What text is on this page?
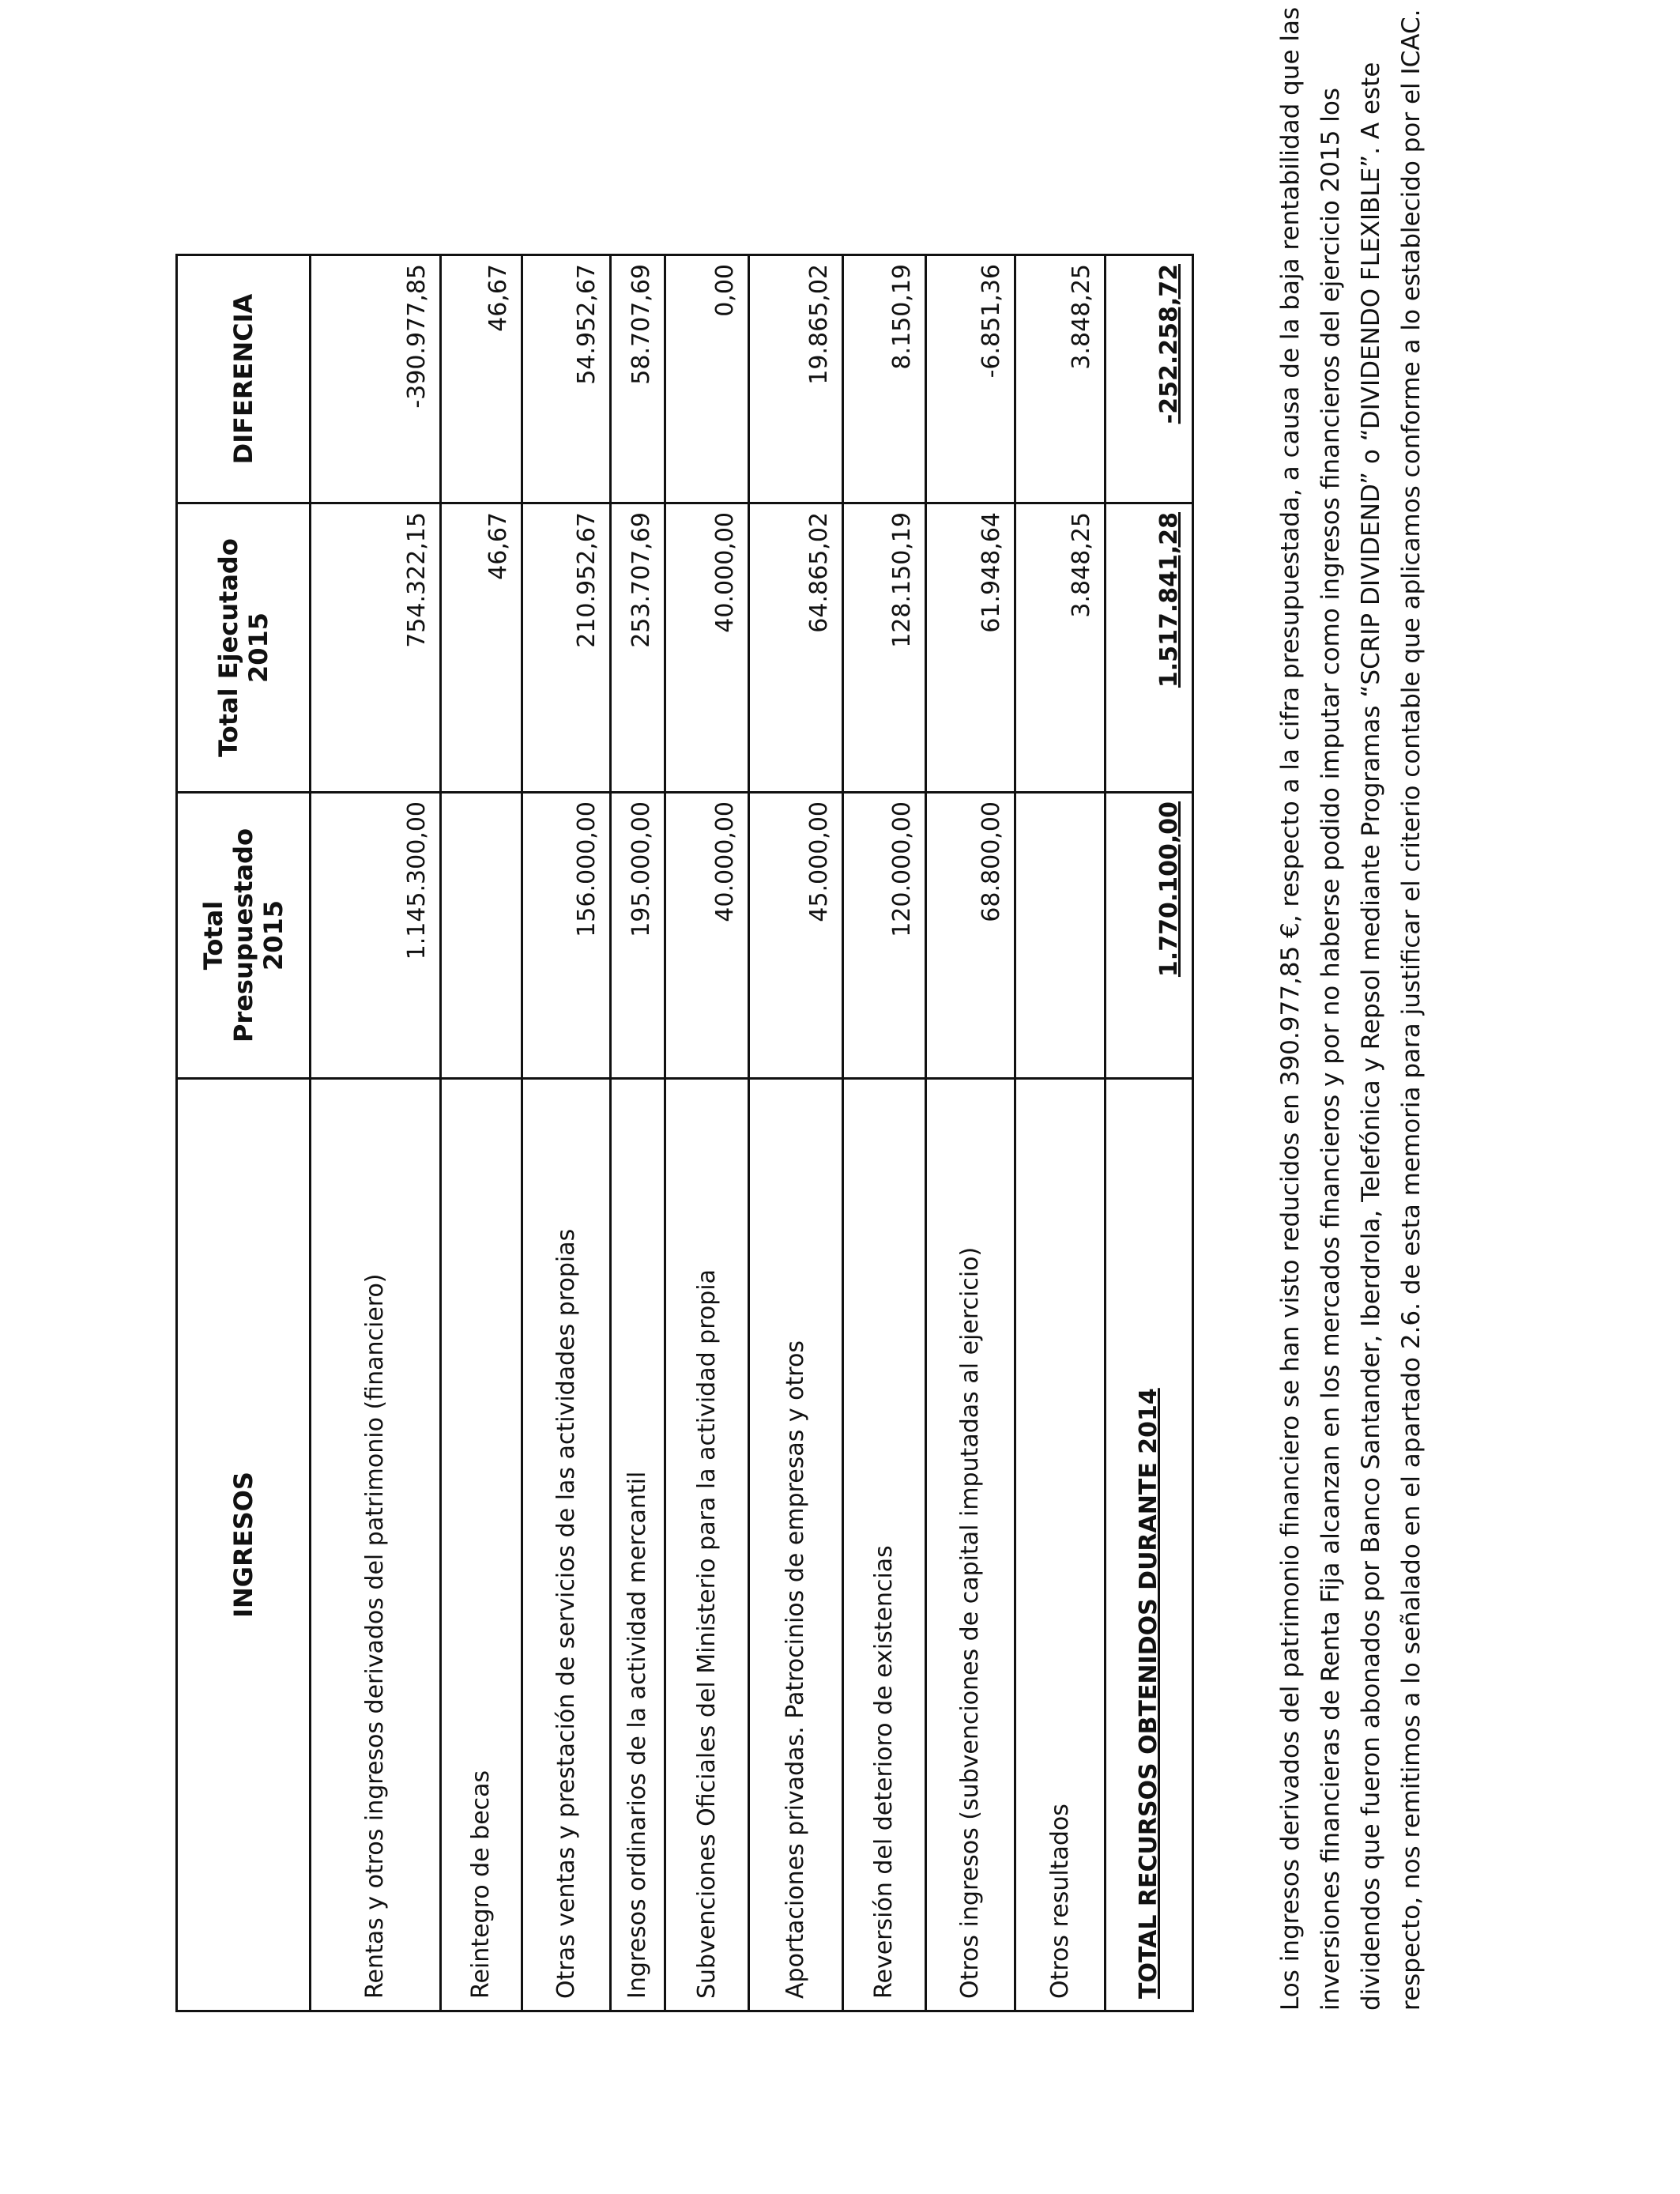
INGRESOS	Total Presupuestado 2015	Total Ejecutado 2015	DIFERENCIA
Rentas y otros ingresos derivados del patrimonio (financiero)	1.145.300,00	754.322,15	-390.977,85
Reintegro de becas		46,67	46,67
Otras ventas y prestación de servicios de las actividades propias	156.000,00	210.952,67	54.952,67
Ingresos ordinarios de la actividad mercantil	195.000,00	253.707,69	58.707,69
Subvenciones Oficiales del Ministerio para la actividad propia	40.000,00	40.000,00	0,00
Aportaciones privadas. Patrocinios de empresas y otros	45.000,00	64.865,02	19.865,02
Reversión del deterioro de existencias	120.000,00	128.150,19	8.150,19
Otros ingresos (subvenciones de capital imputadas al ejercicio)	68.800,00	61.948,64	-6.851,36
Otros resultados		3.848,25	3.848,25
TOTAL RECURSOS OBTENIDOS DURANTE 2014	1.770.100,00	1.517.841,28	-252.258,72	Los ingresos derivados del patrimonio financiero se han visto reducidos en 390.977,85 €, respecto a la cifra presupuestada, a causa de la baja rentabilidad que las inversiones financieras de Renta Fija alcanzan en los mercados financieros y por no haberse podido imputar como ingresos financieros del ejercicio 2015 los dividendos que fueron abonados por Banco Santander, Iberdrola, Telefónica y Repsol mediante Programas “SCRIP DIVIDEND” o “DIVIDENDO FLEXIBLE”. A este respecto, nos remitimos a lo señalado en el apartado 2.6. de esta memoria para justificar el criterio contable que aplicamos conforme a lo establecido por el ICAC.
